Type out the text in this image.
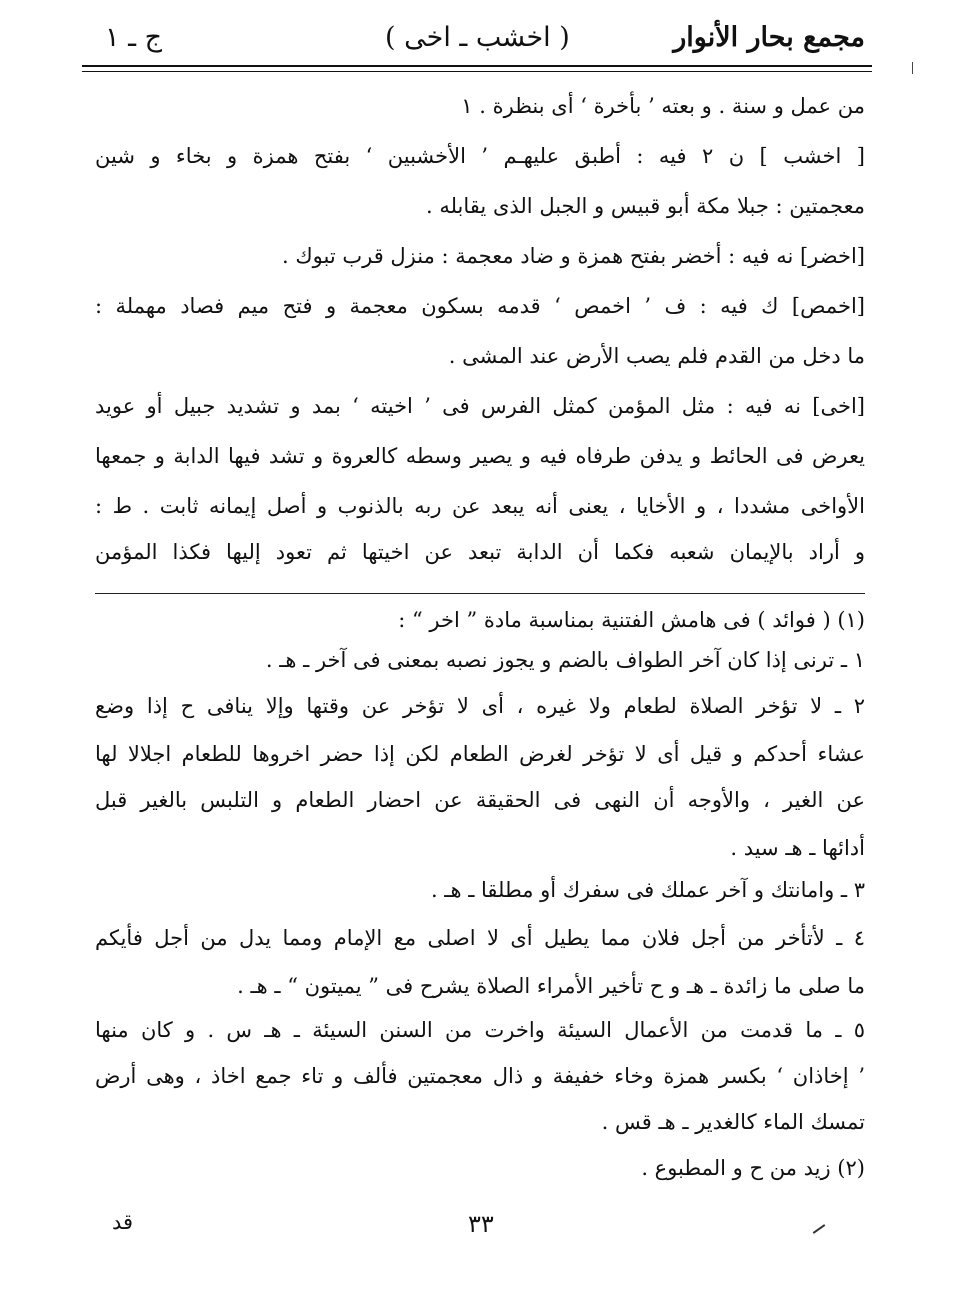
مجمع بحار الأنوار
( اخشب ـ اخى )
ج ـ ١
من عمل و سنة . و بعته ’ بأخرة ‘ أى بنظرة . ١
[ اخشب ] ن ٢ فيه : أطبق عليهـم ’ الأخشبين ‘ بفتح همزة و بخاء و شين
معجمتين : جبلا مكة أبو قبيس و الجبل الذى يقابله .
[اخضر] نه فيه : أخضر بفتح همزة و ضاد معجمة : منزل قرب تبوك .
[اخمص] ك فيه : ف ’ اخمص ‘ قدمه بسكون معجمة و فتح ميم فصاد مهملة :
ما دخل من القدم فلم يصب الأرض عند المشى .
[اخى] نه فيه : مثل المؤمن كمثل الفرس فى ’ اخيته ‘ بمد و تشديد جبيل أو عويد
يعرض فى الحائط و يدفن طرفاه فيه و يصير وسطه كالعروة و تشد فيها الدابة و جمعها
الأواخى مشددا ، و الأخايا ، يعنى أنه يبعد عن ربه بالذنوب و أصل إيمانه ثابت . ط :
و أراد بالإيمان شعبه فكما أن الدابة تبعد عن اخيتها ثم تعود إليها فكذا المؤمن
(١) ( فوائد ) فى هامش الفتنية بمناسبة مادة ” اخر “ :
١ ـ ترنى إذا كان آخر الطواف بالضم و يجوز نصبه بمعنى فى آخر ـ هـ .
٢ ـ لا تؤخر الصلاة لطعام ولا غيره ، أى لا تؤخر عن وقتها وإلا ينافى ح إذا وضع
عشاء أحدكم و قيل أى لا تؤخر لغرض الطعام لكن إذا حضر اخروها للطعام اجلالا لها
عن الغير ، والأوجه أن النهى فى الحقيقة عن احضار الطعام و التلبس بالغير قبل
أدائها ـ هـ سيد .
٣ ـ وامانتك و آخر عملك فى سفرك أو مطلقا ـ هـ .
٤ ـ لأتأخر من أجل فلان مما يطيل أى لا اصلى مع الإمام ومما يدل من أجل فأيكم
ما صلى ما زائدة ـ هـ و ح تأخير الأمراء الصلاة يشرح فى ” يميتون “ ـ هـ .
٥ ـ ما قدمت من الأعمال السيئة واخرت من السنن السيئة ـ هـ س . و كان منها
’ إخاذان ‘ بكسر همزة وخاء خفيفة و ذال معجمتين فألف و تاء جمع اخاذ ، وهى أرض
تمسك الماء كالغدير ـ هـ قس .
(٢) زيد من ح و المطبوع .
٣٣
قد
